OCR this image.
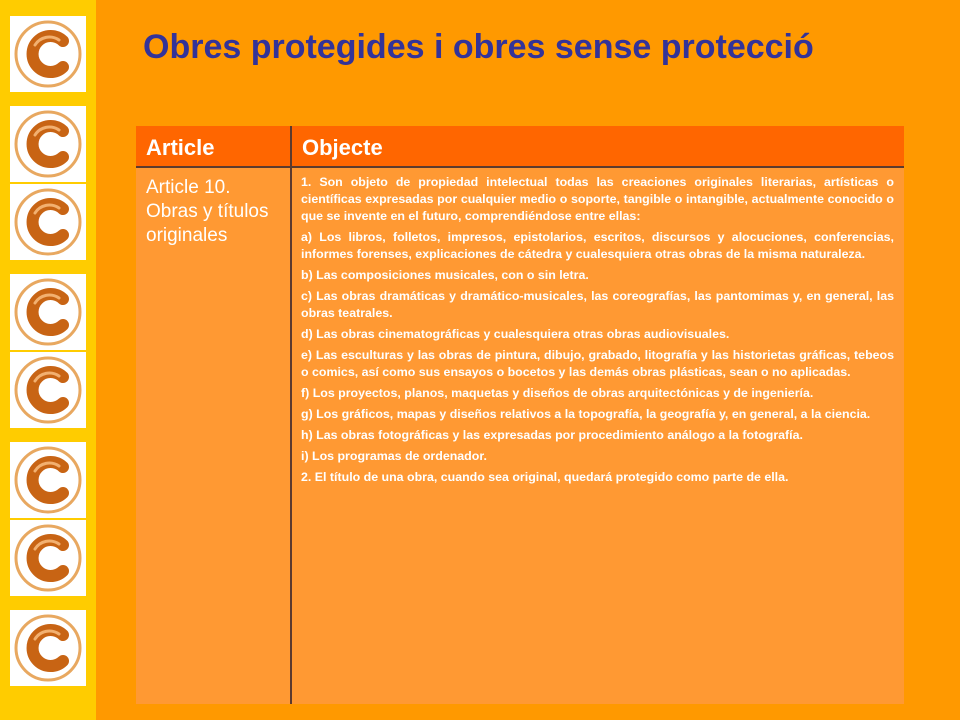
Obres protegides i obres sense protecció
Article	Objecte
Article 10. Obras y títulos originales

1. Son objeto de propiedad intelectual todas las creaciones originales literarias, artísticas o científicas expresadas por cualquier medio o soporte, tangible o intangible, actualmente conocido o que se invente en el futuro, comprendiéndose entre ellas:

a) Los libros, folletos, impresos, epistolarios, escritos, discursos y alocuciones, conferencias, informes forenses, explicaciones de cátedra y cualesquiera otras obras de la misma naturaleza.

b) Las composiciones musicales, con o sin letra.

c) Las obras dramáticas y dramático-musicales, las coreografías, las pantomimas y, en general, las obras teatrales.

d) Las obras cinematográficas y cualesquiera otras obras audiovisuales.

e) Las esculturas y las obras de pintura, dibujo, grabado, litografía y las historietas gráficas, tebeos o comics, así como sus ensayos o bocetos y las demás obras plásticas, sean o no aplicadas.

f) Los proyectos, planos, maquetas y diseños de obras arquitectónicas y de ingeniería.

g) Los gráficos, mapas y diseños relativos a la topografía, la geografía y, en general, a la ciencia.

h) Las obras fotográficas y las expresadas por procedimiento análogo a la fotografía.

i) Los programas de ordenador.

2. El título de una obra, cuando sea original, quedará protegido como parte de ella.
